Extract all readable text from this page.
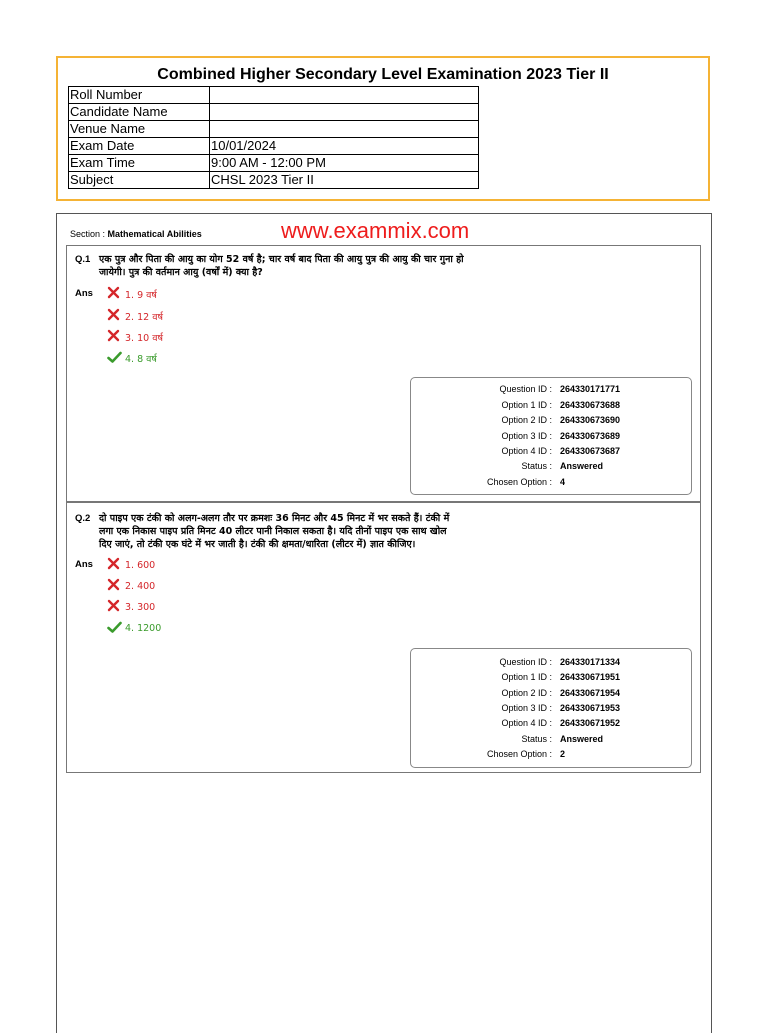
Combined Higher Secondary Level Examination 2023 Tier II
Roll Number	
Candidate Name	
Venue Name	
Exam Date	10/01/2024
Exam Time	9:00 AM - 12:00 PM
Subject	CHSL 2023 Tier II
Section : Mathematical Abilities	www.exammix.com
Q.1 एक पुत्र और पिता की आयु का योग 52 वर्ष है; चार वर्ष बाद पिता की आयु पुत्र की आयु की चार गुना हो
जायेगी। पुत्र की वर्तमान आयु (वर्षों में) क्या है?
Ans	1. 9 वर्ष
2. 12 वर्ष
3. 10 वर्ष
4. 8 वर्ष
Question ID : 264330171771
Option 1 ID : 264330673688
Option 2 ID : 264330673690
Option 3 ID : 264330673689
Option 4 ID : 264330673687
Status : Answered
Chosen Option : 4
Q.2 दो पाइप एक टंकी को अलग-अलग तौर पर क्रमशः 36 मिनट और 45 मिनट में भर सकते हैं। टंकी में
लगा एक निकास पाइप प्रति मिनट 40 लीटर पानी निकाल सकता है। यदि तीनों पाइप एक साथ खोल
दिए जाएं, तो टंकी एक घंटे में भर जाती है। टंकी की क्षमता/धारिता (लीटर में) ज्ञात कीजिए।
Ans	1. 600
2. 400
3. 300
4. 1200
Question ID : 264330171334
Option 1 ID : 264330671951
Option 2 ID : 264330671954
Option 3 ID : 264330671953
Option 4 ID : 264330671952
Status : Answered
Chosen Option : 2
